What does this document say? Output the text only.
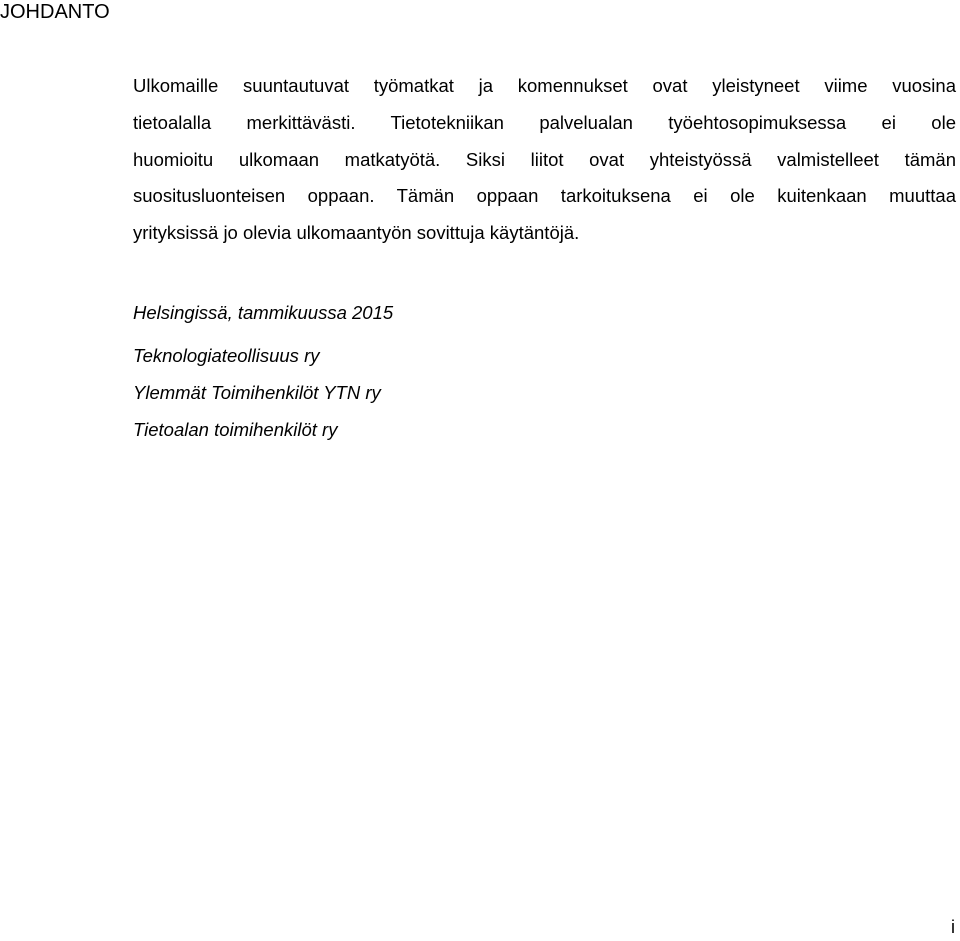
JOHDANTO

Ulkomaille suuntautuvat työmatkat ja komennukset ovat yleistyneet viime vuosina
tietoalalla merkittävästi. Tietotekniikan palvelualan työehtosopimuksessa ei ole
huomioitu ulkomaan matkatyötä. Siksi liitot ovat yhteistyössä valmistelleet tämän
suositusluonteisen oppaan. Tämän oppaan tarkoituksena ei ole kuitenkaan muuttaa
yrityksissä jo olevia ulkomaantyön sovittuja käytäntöjä.

Helsingissä, tammikuussa 2015
Teknologiateollisuus ry
Ylemmät Toimihenkilöt YTN ry
Tietoalan toimihenkilöt ry
i
